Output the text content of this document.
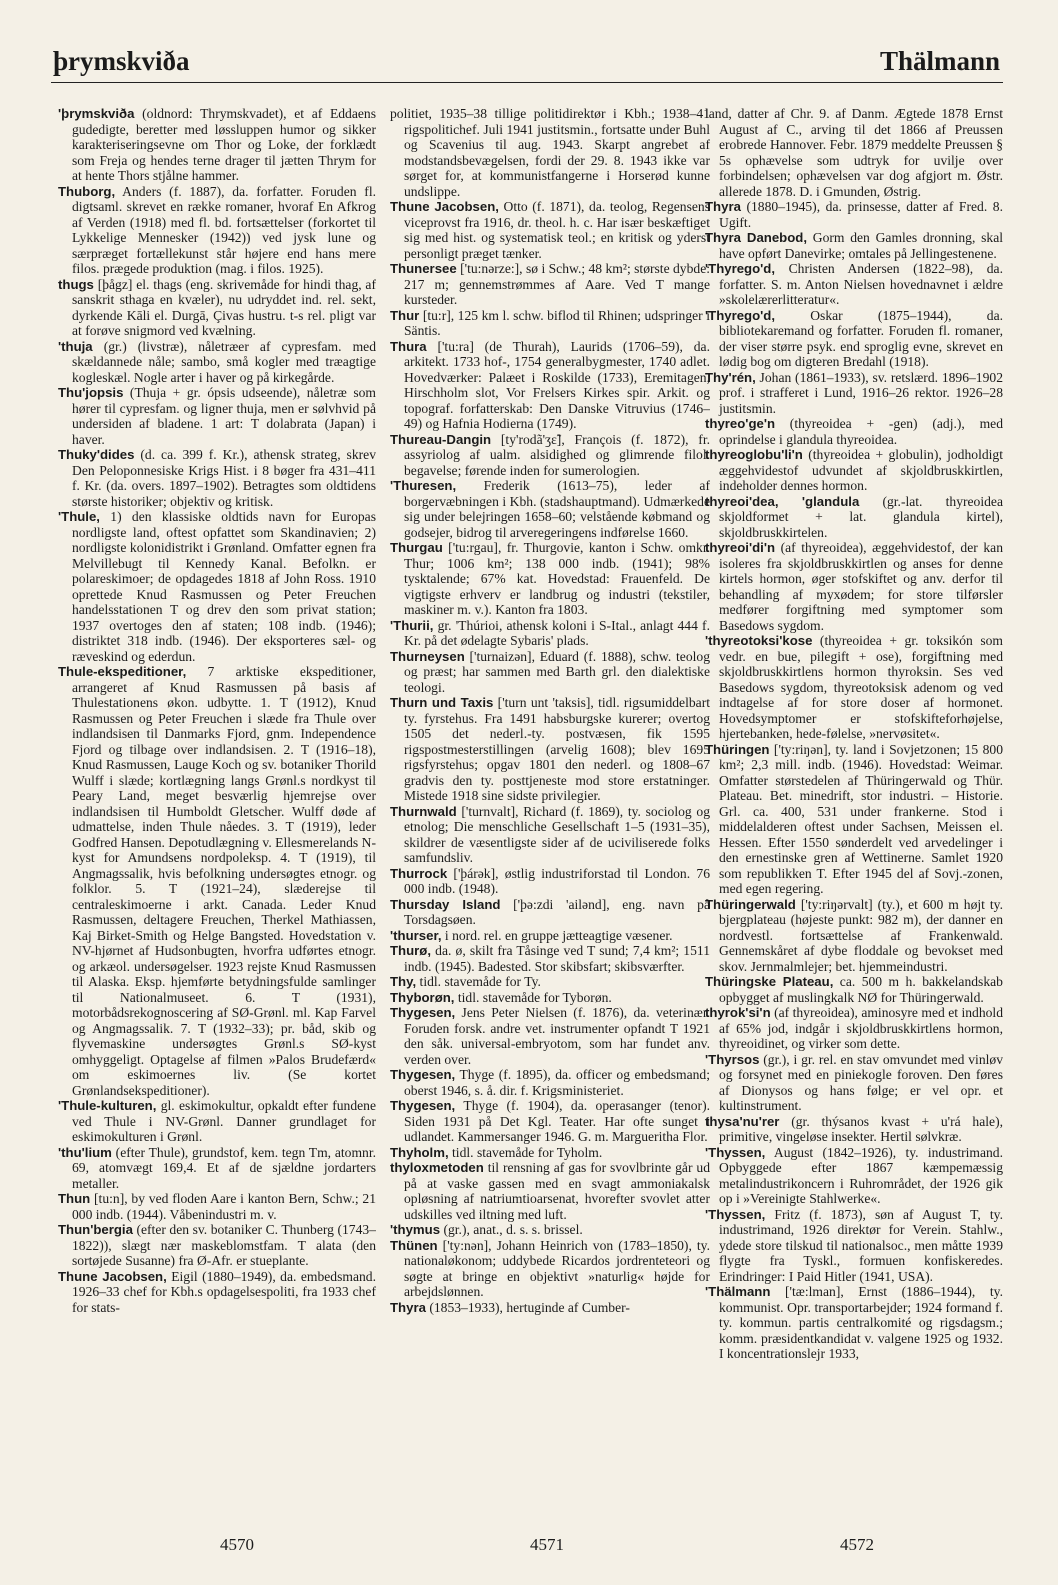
þrymskviða	Thälmann

'þrymskviða (oldnord: Thrymskvadet), et af Eddaens gudedigte, beretter med løssluppen humor og sikker karakteriseringsevne om Thor og Loke, der forklædt som Freja og hendes terne drager til jætten Thrym for at hente Thors stjålne hammer.

Thuborg, Anders (f. 1887), da. forfatter. Foruden fl. digtsaml. skrevet en række romaner, hvoraf En Afkrog af Verden (1918) med fl. bd. fortsættelser (forkortet til Lykkelige Mennesker (1942)) ved jysk lune og særpræget fortællekunst står højere end hans mere filos. prægede produktion (mag. i filos. 1925).

thugs [þågz] el. thags (eng. skrivemåde for hindi thag, af sanskrit sthaga en kvæler), nu udryddet ind. rel. sekt, dyrkende Kāli el. Durgā, Çivas hustru. t-s rel. pligt var at forøve snigmord ved kvælning.

'thuja (gr.) (livstræ), nåletræer af cypresfam. med skældannede nåle; sambo, små kogler med træagtige kogleskæl. Nogle arter i haver og på kirkegårde.

Thu'jopsis (Thuja + gr. ópsis udseende), nåletræ som hører til cypresfam. og ligner thuja, men er sølvhvid på undersiden af bladene. 1 art: T dolabrata (Japan) i haver.

Thuky'dides (d. ca. 399 f. Kr.), athensk strateg, skrev Den Peloponnesiske Krigs Hist. i 8 bøger fra 431–411 f. Kr. (da. overs. 1897–1902). Betragtes som oldtidens største historiker; objektiv og kritisk.

'Thule, 1) den klassiske oldtids navn for Europas nordligste land, oftest opfattet som Skandinavien; 2) nordligste kolonidistrikt i Grønland. Omfatter egnen fra Melvillebugt til Kennedy Kanal. Befolkn. er polareskimoer; de opdagedes 1818 af John Ross. 1910 oprettede Knud Rasmussen og Peter Freuchen handelsstationen T og drev den som privat station; 1937 overtoges den af staten; 108 indb. (1946); distriktet 318 indb. (1946). Der eksporteres sæl- og ræveskind og ederdun.

Thule-ekspeditioner, 7 arktiske ekspeditioner, arrangeret af Knud Rasmussen på basis af Thulestationens økon. udbytte. 1. T (1912), Knud Rasmussen og Peter Freuchen i slæde fra Thule over indlandsisen til Danmarks Fjord, gnm. Independence Fjord og tilbage over indlandsisen. 2. T (1916–18), Knud Rasmussen, Lauge Koch og sv. botaniker Thorild Wulff i slæde; kortlægning langs Grønl.s nordkyst til Peary Land, meget besværlig hjemrejse over indlandsisen til Humboldt Gletscher. Wulff døde af udmattelse, inden Thule nåedes. 3. T (1919), leder Godfred Hansen. Depotudlægning v. Ellesmerelands N-kyst for Amundsens nordpoleksp. 4. T (1919), til Angmagssalik, hvis befolkning undersøgtes etnogr. og folklor. 5. T (1921–24), slæderejse til centraleskimoerne i arkt. Canada. Leder Knud Rasmussen, deltagere Freuchen, Therkel Mathiassen, Kaj Birket-Smith og Helge Bangsted. Hovedstation v. NV-hjørnet af Hudsonbugten, hvorfra udførtes etnogr. og arkæol. undersøgelser. 1923 rejste Knud Rasmussen til Alaska. Eksp. hjemførte betydningsfulde samlinger til Nationalmuseet. 6. T (1931), motorbådsrekognoscering af SØ-Grønl. ml. Kap Farvel og Angmagssalik. 7. T (1932–33); pr. båd, skib og flyvemaskine undersøgtes Grønl.s SØ-kyst omhyggeligt. Optagelse af filmen »Palos Brudefærd« om eskimoernes liv. (Se kortet Grønlandsekspeditioner).

'Thule-kulturen, gl. eskimokultur, opkaldt efter fundene ved Thule i NV-Grønl. Danner grundlaget for eskimokulturen i Grønl.

'thu'lium (efter Thule), grundstof, kem. tegn Tm, atomnr. 69, atomvægt 169,4. Et af de sjældne jordarters metaller.

Thun [tu:n], by ved floden Aare i kanton Bern, Schw.; 21 000 indb. (1944). Våbenindustri m. v.

Thun'bergia (efter den sv. botaniker C. Thunberg (1743–1822)), slægt nær maskeblomstfam. T alata (den sortøjede Susanne) fra Ø-Afr. er stueplante.

Thune Jacobsen, Eigil (1880–1949), da. embedsmand. 1926–33 chef for Kbh.s opdagelsespoliti, fra 1933 chef for stats-

politiet, 1935–38 tillige politidirektør i Kbh.; 1938–41 rigspolitichef. Juli 1941 justitsmin., fortsatte under Buhl og Scavenius til aug. 1943. Skarpt angrebet af modstandsbevægelsen, fordi der 29. 8. 1943 ikke var sørget for, at kommunistfangerne i Horserød kunne undslippe.

Thune Jacobsen, Otto (f. 1871), da. teolog, Regensens viceprovst fra 1916, dr. theol. h. c. Har især beskæftiget sig med hist. og systematisk teol.; en kritisk og yderst personligt præget tænker.

Thunersee ['tu:nərze:], sø i Schw.; 48 km²; største dybde: 217 m; gennemstrømmes af Aare. Ved T mange kursteder.

Thur [tu:r], 125 km l. schw. biflod til Rhinen; udspringer i Säntis.

Thura ['tu:ra] (de Thurah), Laurids (1706–59), da. arkitekt. 1733 hof-, 1754 generalbygmester, 1740 adlet. Hovedværker: Palæet i Roskilde (1733), Eremitagen, Hirschholm slot, Vor Frelsers Kirkes spir. Arkit. og topograf. forfatterskab: Den Danske Vitruvius (1746–49) og Hafnia Hodierna (1749).

Thureau-Dangin [ty'rodã'ʒɛ̃], François (f. 1872), fr. assyriolog af ualm. alsidighed og glimrende filol. begavelse; førende inden for sumerologien.

'Thuresen, Frederik (1613–75), leder af borgervæbningen i Kbh. (stadshauptmand). Udmærkede sig under belejringen 1658–60; velstående købmand og godsejer, bidrog til arveregeringens indførelse 1660.

Thurgau ['tu:rgau], fr. Thurgovie, kanton i Schw. omkr. Thur; 1006 km²; 138 000 indb. (1941); 98% tysktalende; 67% kat. Hovedstad: Frauenfeld. De vigtigste erhverv er landbrug og industri (tekstiler, maskiner m. v.). Kanton fra 1803.

'Thurii, gr. 'Thúrioi, athensk koloni i S-Ital., anlagt 444 f. Kr. på det ødelagte Sybaris' plads.

Thurneysen ['turnaizən], Eduard (f. 1888), schw. teolog og præst; har sammen med Barth grl. den dialektiske teologi.

Thurn und Taxis ['turn unt 'taksis], tidl. rigsumiddelbart ty. fyrstehus. Fra 1491 habsburgske kurerer; overtog 1505 det nederl.-ty. postvæsen, fik 1595 rigspostmesterstillingen (arvelig 1608); blev 1695 rigsfyrstehus; opgav 1801 den nederl. og 1808–67 gradvis den ty. posttjeneste mod store erstatninger. Mistede 1918 sine sidste privilegier.

Thurnwald ['turnvalt], Richard (f. 1869), ty. sociolog og etnolog; Die menschliche Gesellschaft 1–5 (1931–35), skildrer de væsentligste sider af de uciviliserede folks samfundsliv.

Thurrock ['þárək], østlig industriforstad til London. 76 000 indb. (1948).

Thursday Island ['þə:zdi 'ailənd], eng. navn på Torsdagsøen.

'thurser, i nord. rel. en gruppe jætteagtige væsener.

Thurø, da. ø, skilt fra Tåsinge ved T sund; 7,4 km²; 1511 indb. (1945). Badested. Stor skibsfart; skibsværfter.

Thy, tidl. stavemåde for Ty.

Thyborøn, tidl. stavemåde for Tyborøn.

Thygesen, Jens Peter Nielsen (f. 1876), da. veterinær. Foruden forsk. andre vet. instrumenter opfandt T 1921 den såk. universal-embryotom, som har fundet anv. verden over.

Thygesen, Thyge (f. 1895), da. officer og embedsmand; oberst 1946, s. å. dir. f. Krigsministeriet.

Thygesen, Thyge (f. 1904), da. operasanger (tenor). Siden 1931 på Det Kgl. Teater. Har ofte sunget i udlandet. Kammersanger 1946. G. m. Margueritha Flor.

Thyholm, tidl. stavemåde for Tyholm.

thyloxmetoden til rensning af gas for svovlbrinte går ud på at vaske gassen med en svagt ammoniakalsk opløsning af natriumtioarsenat, hvorefter svovlet atter udskilles ved iltning med luft.

'thymus (gr.), anat., d. s. s. brissel.

Thünen ['ty:nən], Johann Heinrich von (1783–1850), ty. nationaløkonom; uddybede Ricardos jordrenteteori og søgte at bringe en objektivt »naturlig« højde for arbejdslønnen.

Thyra (1853–1933), hertuginde af Cumber-

land, datter af Chr. 9. af Danm. Ægtede 1878 Ernst August af C., arving til det 1866 af Preussen erobrede Hannover. Febr. 1879 meddelte Preussen § 5s ophævelse som udtryk for uvilje over forbindelsen; ophævelsen var dog afgjort m. Østr. allerede 1878. D. i Gmunden, Østrig.

Thyra (1880–1945), da. prinsesse, datter af Fred. 8. Ugift.

Thyra Danebod, Gorm den Gamles dronning, skal have opført Danevirke; omtales på Jellingestenene.

'Thyrego'd, Christen Andersen (1822–98), da. forfatter. S. m. Anton Nielsen hovednavnet i ældre »skolelærerlitteratur«.

'Thyrego'd, Oskar (1875–1944), da. bibliotekaremand og forfatter. Foruden fl. romaner, der viser større psyk. end sproglig evne, skrevet en lødig bog om digteren Bredahl (1918).

Thy'rén, Johan (1861–1933), sv. retslærd. 1896–1902 prof. i strafferet i Lund, 1916–26 rektor. 1926–28 justitsmin.

thyreo'ge'n (thyreoidea + -gen) (adj.), med oprindelse i glandula thyreoidea.

thyreoglobu'li'n (thyreoidea + globulin), jodholdigt æggehvidestof udvundet af skjoldbruskkirtlen, indeholder dennes hormon.

thyreoi'dea, 'glandula (gr.-lat. thyreoidea skjoldformet + lat. glandula kirtel), skjoldbruskkirtelen.

thyreoi'di'n (af thyreoidea), æggehvidestof, der kan isoleres fra skjoldbruskkirtlen og anses for denne kirtels hormon, øger stofskiftet og anv. derfor til behandling af myxødem; for store tilførsler medfører forgiftning med symptomer som Basedows sygdom.

'thyreotoksi'kose (thyreoidea + gr. toksikón som vedr. en bue, pilegift + ose), forgiftning med skjoldbruskkirtlens hormon thyroksin. Ses ved Basedows sygdom, thyreotoksisk adenom og ved indtagelse af for store doser af hormonet. Hovedsymptomer er stofskifteforhøjelse, hjertebanken, hede-følelse, »nervøsitet«.

Thüringen ['ty:riŋən], ty. land i Sovjetzonen; 15 800 km²; 2,3 mill. indb. (1946). Hovedstad: Weimar. Omfatter størstedelen af Thüringerwald og Thür. Plateau. Bet. minedrift, stor industri. – Historie. Grl. ca. 400, 531 under frankerne. Stod i middelalderen oftest under Sachsen, Meissen el. Hessen. Efter 1550 sønderdelt ved arvedelinger i den ernestinske gren af Wettinerne. Samlet 1920 som republikken T. Efter 1945 del af Sovj.-zonen, med egen regering.

Thüringerwald ['ty:riŋərvalt] (ty.), et 600 m højt ty. bjergplateau (højeste punkt: 982 m), der danner en nordvestl. fortsættelse af Frankenwald. Gennemskåret af dybe floddale og bevokset med skov. Jernmalmlejer; bet. hjemmeindustri.

Thüringske Plateau, ca. 500 m h. bakkelandskab opbygget af muslingkalk NØ for Thüringerwald.

thyrok'si'n (af thyreoidea), aminosyre med et indhold af 65% jod, indgår i skjoldbruskkirtlens hormon, thyreoidinet, og virker som dette.

'Thyrsos (gr.), i gr. rel. en stav omvundet med vinløv og forsynet med en piniekogle foroven. Den føres af Dionysos og hans følge; er vel opr. et kultinstrument.

thysa'nu'rer (gr. thýsanos kvast + u'rá hale), primitive, vingeløse insekter. Hertil sølvkræ.

'Thyssen, August (1842–1926), ty. industrimand. Opbyggede efter 1867 kæmpemæssig metalindustrikoncern i Ruhrområdet, der 1926 gik op i »Vereinigte Stahlwerke«.

'Thyssen, Fritz (f. 1873), søn af August T, ty. industrimand, 1926 direktør for Verein. Stahlw., ydede store tilskud til nationalsoc., men måtte 1939 flygte fra Tyskl., formuen konfiskeredes. Erindringer: I Paid Hitler (1941, USA).

'Thälmann ['tæ:lman], Ernst (1886–1944), ty. kommunist. Opr. transportarbejder; 1924 formand f. ty. kommun. partis centralkomité og rigsdagsm.; komm. præsidentkandidat v. valgene 1925 og 1932. I koncentrationslejr 1933,

4570	4571	4572
